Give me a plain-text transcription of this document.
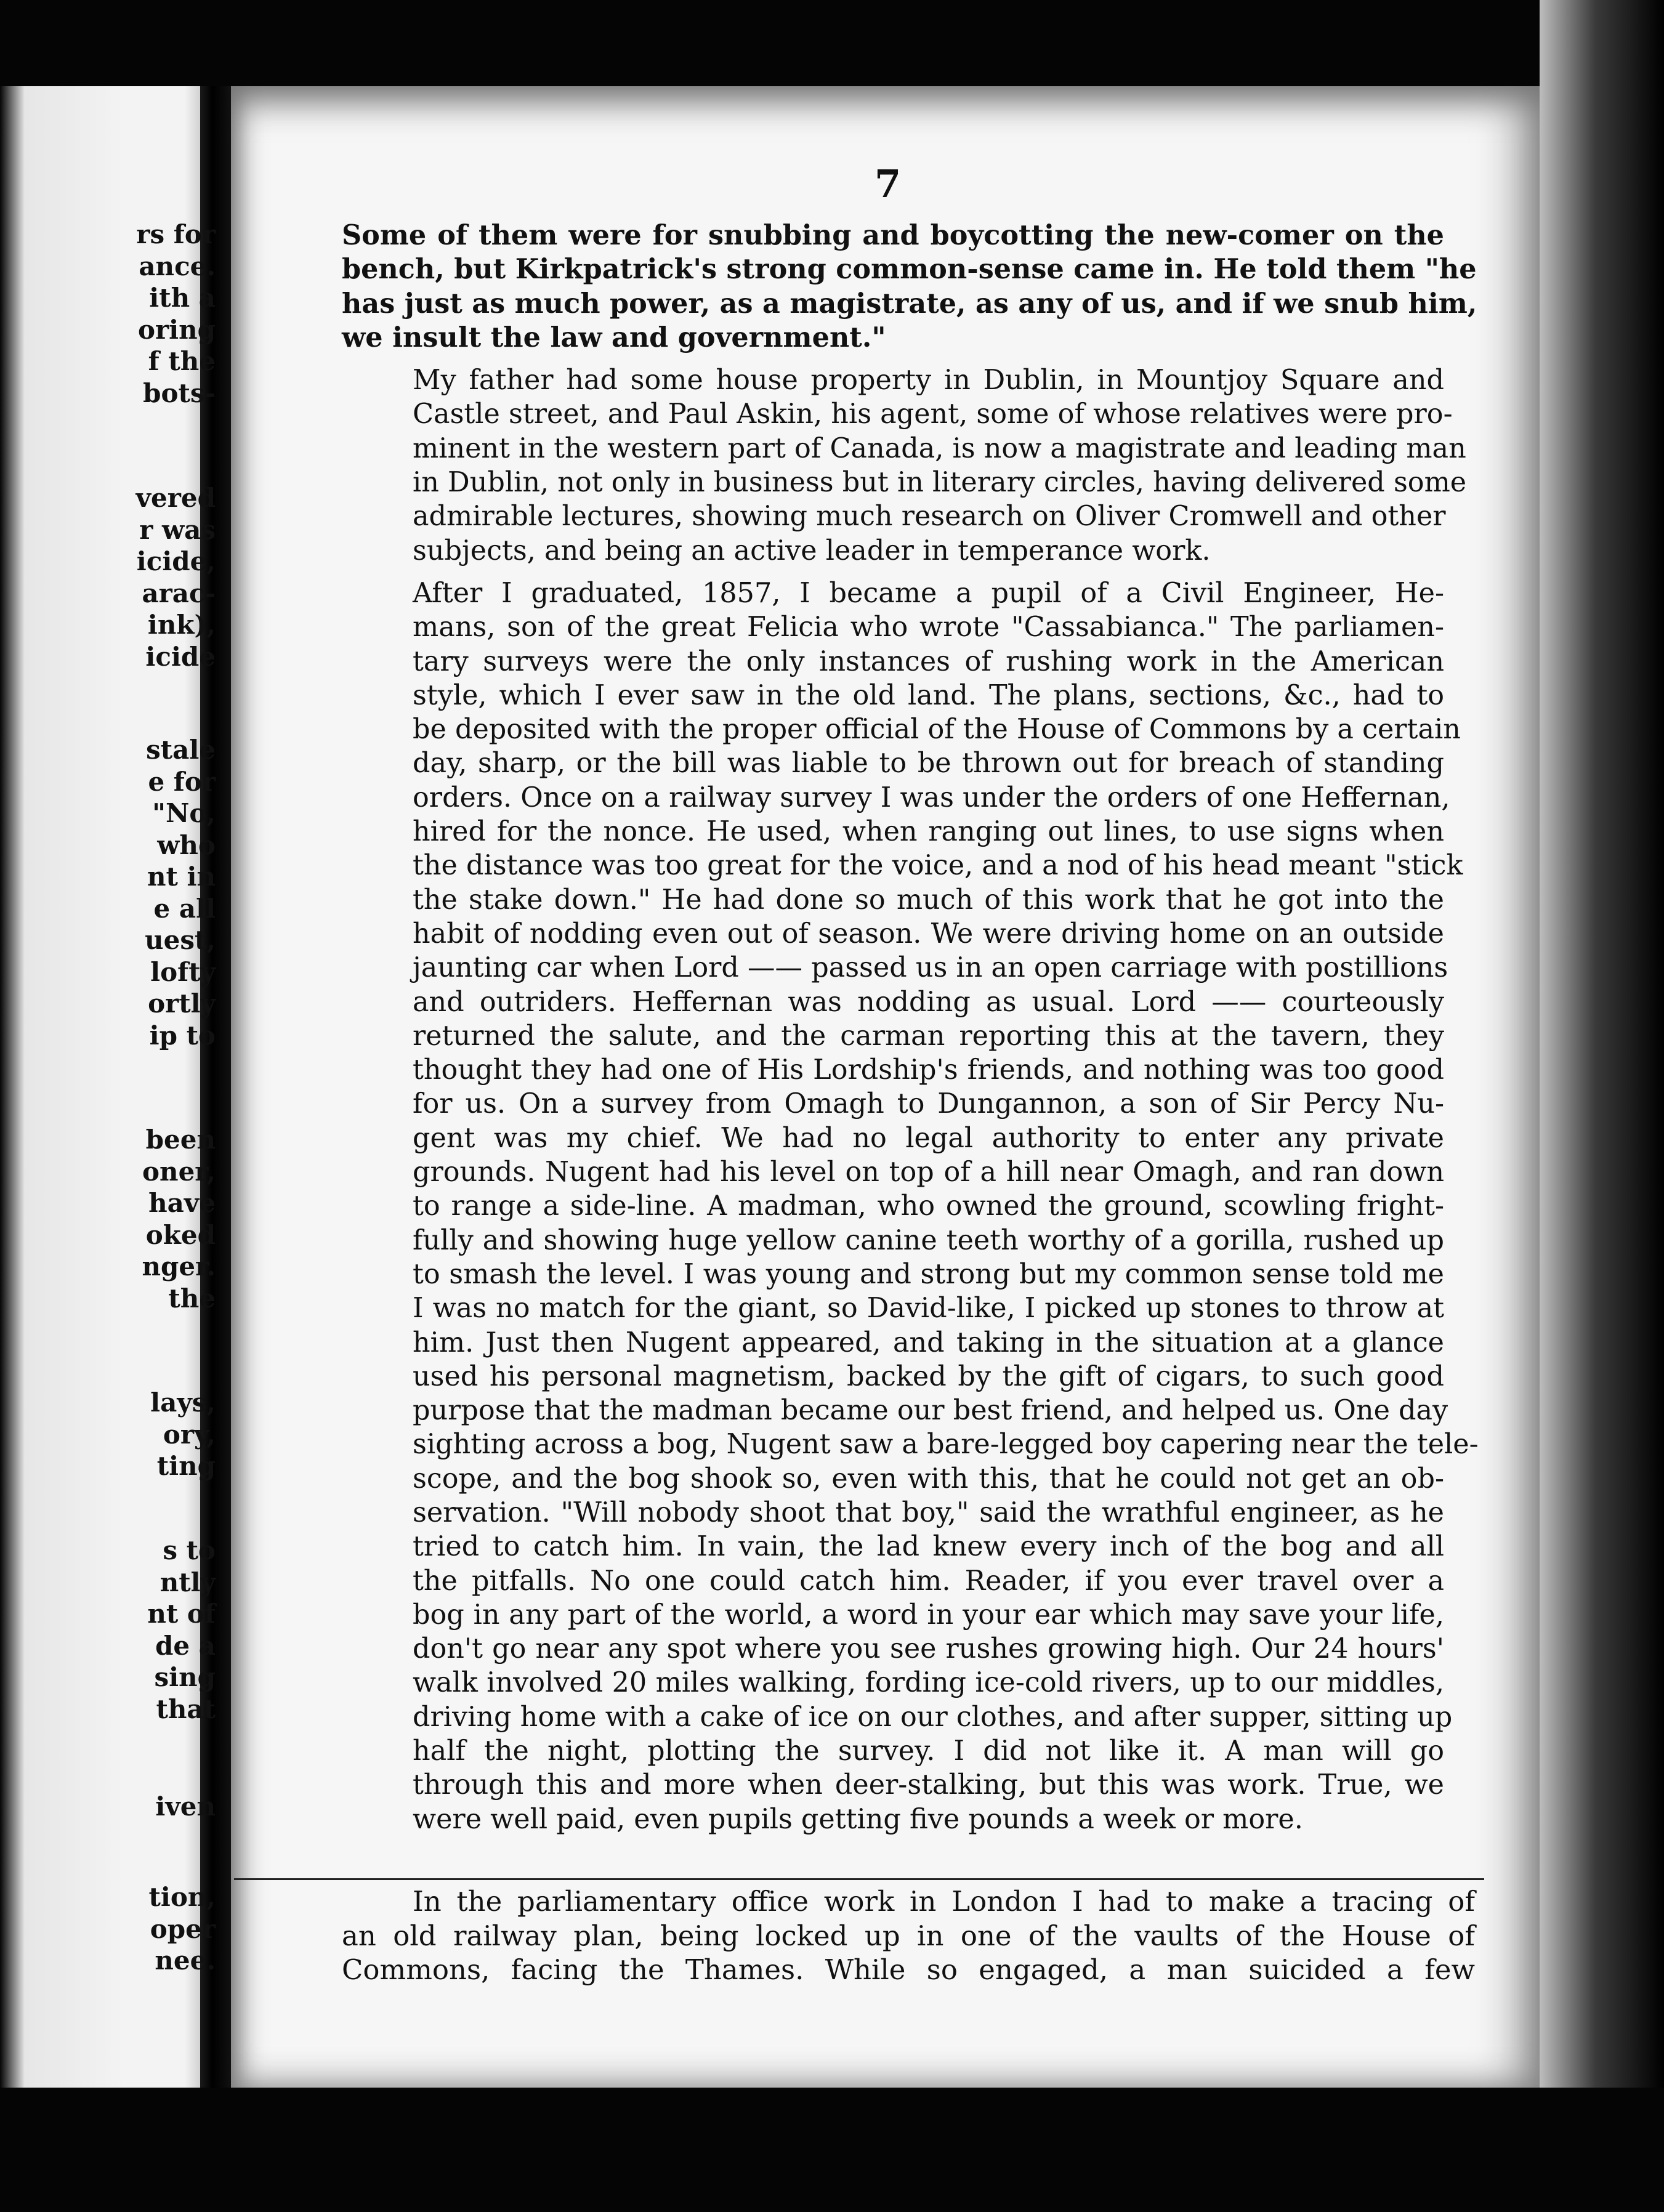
7
rs for
ance.
ith a
oring
f the
bots-
vered
r was
icide,
arac-
ink),
icide
stale
e for
"No,
who
nt in
e all
uest,
lofty
ortly
ip to
been
oner,
have
oked
nger.
the
lays,
ory,
ting
s to
ntly
nt of
de a
sing
that
iven
tion,
oper
nee.
Some of them were for snubbing and boycotting the new-comer on the
bench, but Kirkpatrick's strong common-sense came in. He told them "he
has just as much power, as a magistrate, as any of us, and if we snub him,
we insult the law and government."
My father had some house property in Dublin, in Mountjoy Square and
Castle street, and Paul Askin, his agent, some of whose relatives were pro-
minent in the western part of Canada, is now a magistrate and leading man
in Dublin, not only in business but in literary circles, having delivered some
admirable lectures, showing much research on Oliver Cromwell and other
subjects, and being an active leader in temperance work.
After I graduated, 1857, I became a pupil of a Civil Engineer, He-
mans, son of the great Felicia who wrote "Cassabianca." The parliamen-
tary surveys were the only instances of rushing work in the American
style, which I ever saw in the old land. The plans, sections, &c., had to
be deposited with the proper official of the House of Commons by a certain
day, sharp, or the bill was liable to be thrown out for breach of standing
orders. Once on a railway survey I was under the orders of one Heffernan,
hired for the nonce. He used, when ranging out lines, to use signs when
the distance was too great for the voice, and a nod of his head meant "stick
the stake down." He had done so much of this work that he got into the
habit of nodding even out of season. We were driving home on an outside
jaunting car when Lord —— passed us in an open carriage with postillions
and outriders. Heffernan was nodding as usual. Lord —— courteously
returned the salute, and the carman reporting this at the tavern, they
thought they had one of His Lordship's friends, and nothing was too good
for us. On a survey from Omagh to Dungannon, a son of Sir Percy Nu-
gent was my chief. We had no legal authority to enter any private
grounds. Nugent had his level on top of a hill near Omagh, and ran down
to range a side-line. A madman, who owned the ground, scowling fright-
fully and showing huge yellow canine teeth worthy of a gorilla, rushed up
to smash the level. I was young and strong but my common sense told me
I was no match for the giant, so David-like, I picked up stones to throw at
him. Just then Nugent appeared, and taking in the situation at a glance
used his personal magnetism, backed by the gift of cigars, to such good
purpose that the madman became our best friend, and helped us. One day
sighting across a bog, Nugent saw a bare-legged boy capering near the tele-
scope, and the bog shook so, even with this, that he could not get an ob-
servation. "Will nobody shoot that boy," said the wrathful engineer, as he
tried to catch him. In vain, the lad knew every inch of the bog and all
the pitfalls. No one could catch him. Reader, if you ever travel over a
bog in any part of the world, a word in your ear which may save your life,
don't go near any spot where you see rushes growing high. Our 24 hours'
walk involved 20 miles walking, fording ice-cold rivers, up to our middles,
driving home with a cake of ice on our clothes, and after supper, sitting up
half the night, plotting the survey. I did not like it. A man will go
through this and more when deer-stalking, but this was work. True, we
were well paid, even pupils getting five pounds a week or more.
In the parliamentary office work in London I had to make a tracing of
an old railway plan, being locked up in one of the vaults of the House of
Commons, facing the Thames. While so engaged, a man suicided a few
